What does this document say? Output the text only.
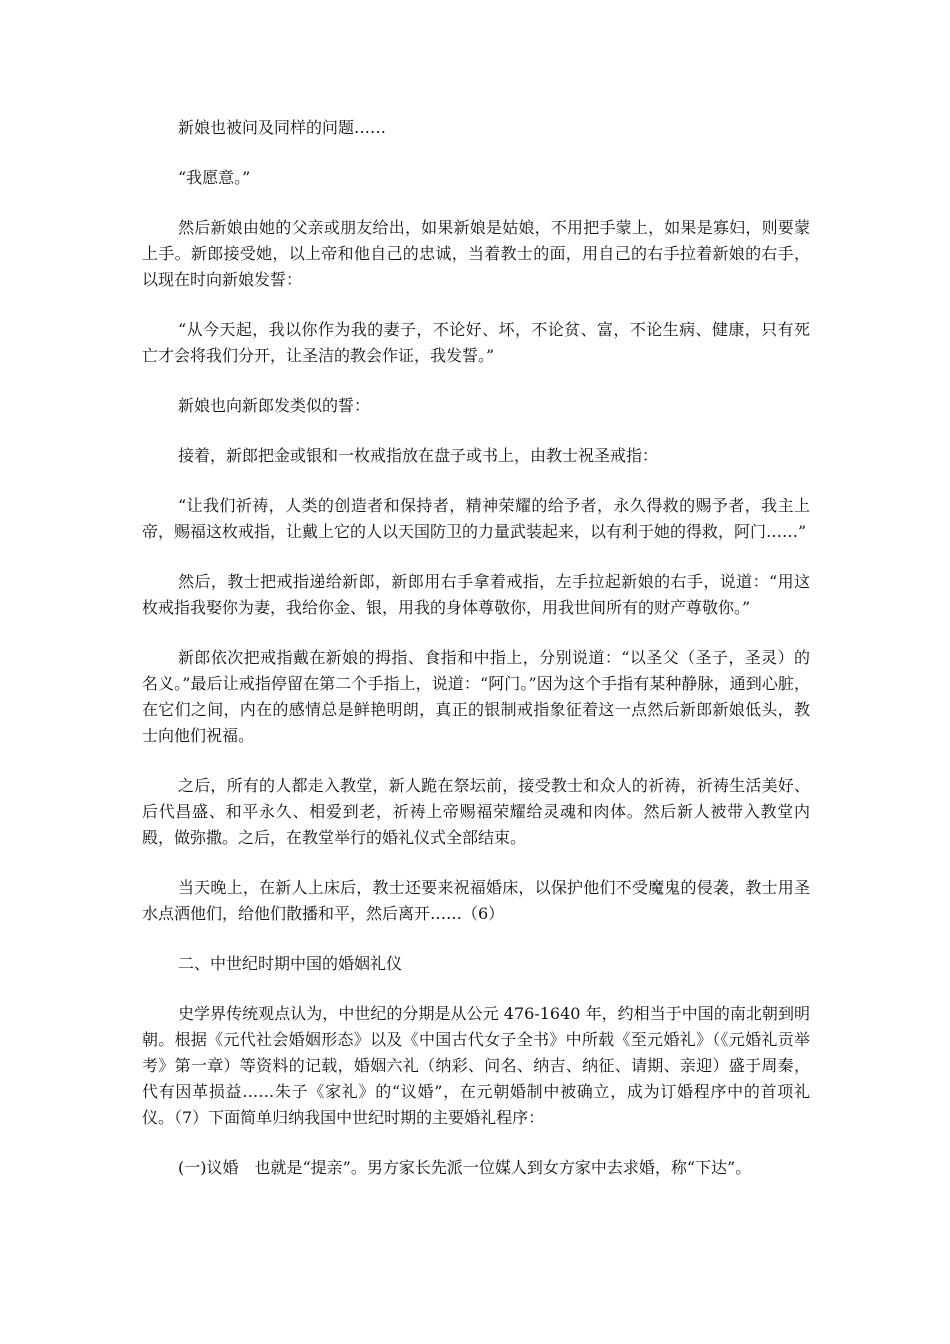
新娘也被问及同样的问题……

“我愿意。”

然后新娘由她的父亲或朋友给出，如果新娘是姑娘，不用把手蒙上，如果是寡妇，则要蒙上手。新郎接受她，以上帝和他自己的忠诚，当着教士的面，用自己的右手拉着新娘的右手，以现在时向新娘发誓：

“从今天起，我以你作为我的妻子，不论好、坏，不论贫、富，不论生病、健康，只有死亡才会将我们分开，让圣洁的教会作证，我发誓。”

新娘也向新郎发类似的誓：

接着，新郎把金或银和一枚戒指放在盘子或书上，由教士祝圣戒指：

“让我们祈祷，人类的创造者和保持者，精神荣耀的给予者，永久得救的赐予者，我主上帝，赐福这枚戒指，让戴上它的人以天国防卫的力量武装起来，以有利于她的得救，阿门……”

然后，教士把戒指递给新郎，新郎用右手拿着戒指，左手拉起新娘的右手，说道：“用这枚戒指我娶你为妻，我给你金、银，用我的身体尊敬你，用我世间所有的财产尊敬你。”

新郎依次把戒指戴在新娘的拇指、食指和中指上，分别说道：“以圣父（圣子，圣灵）的名义。”最后让戒指停留在第二个手指上，说道：“阿门。”因为这个手指有某种静脉，通到心脏，在它们之间，内在的感情总是鲜艳明朗，真正的银制戒指象征着这一点然后新郎新娘低头，教士向他们祝福。

之后，所有的人都走入教堂，新人跪在祭坛前，接受教士和众人的祈祷，祈祷生活美好、后代昌盛、和平永久、相爱到老，祈祷上帝赐福荣耀给灵魂和肉体。然后新人被带入教堂内殿，做弥撒。之后，在教堂举行的婚礼仪式全部结束。

当天晚上，在新人上床后，教士还要来祝福婚床，以保护他们不受魔鬼的侵袭，教士用圣水点洒他们，给他们散播和平，然后离开……（6）

二、中世纪时期中国的婚姻礼仪

史学界传统观点认为，中世纪的分期是从公元 476-1640 年，约相当于中国的南北朝到明朝。根据《元代社会婚姻形态》以及《中国古代女子全书》中所载《至元婚礼》（《元婚礼贡举考》第一章）等资料的记载，婚姻六礼（纳彩、问名、纳吉、纳征、请期、亲迎）盛于周秦，代有因革损益……朱子《家礼》的“议婚”，在元朝婚制中被确立，成为订婚程序中的首项礼仪。（7）下面简单归纳我国中世纪时期的主要婚礼程序：

(一)议婚　也就是“提亲”。男方家长先派一位媒人到女方家中去求婚，称“下达”。
